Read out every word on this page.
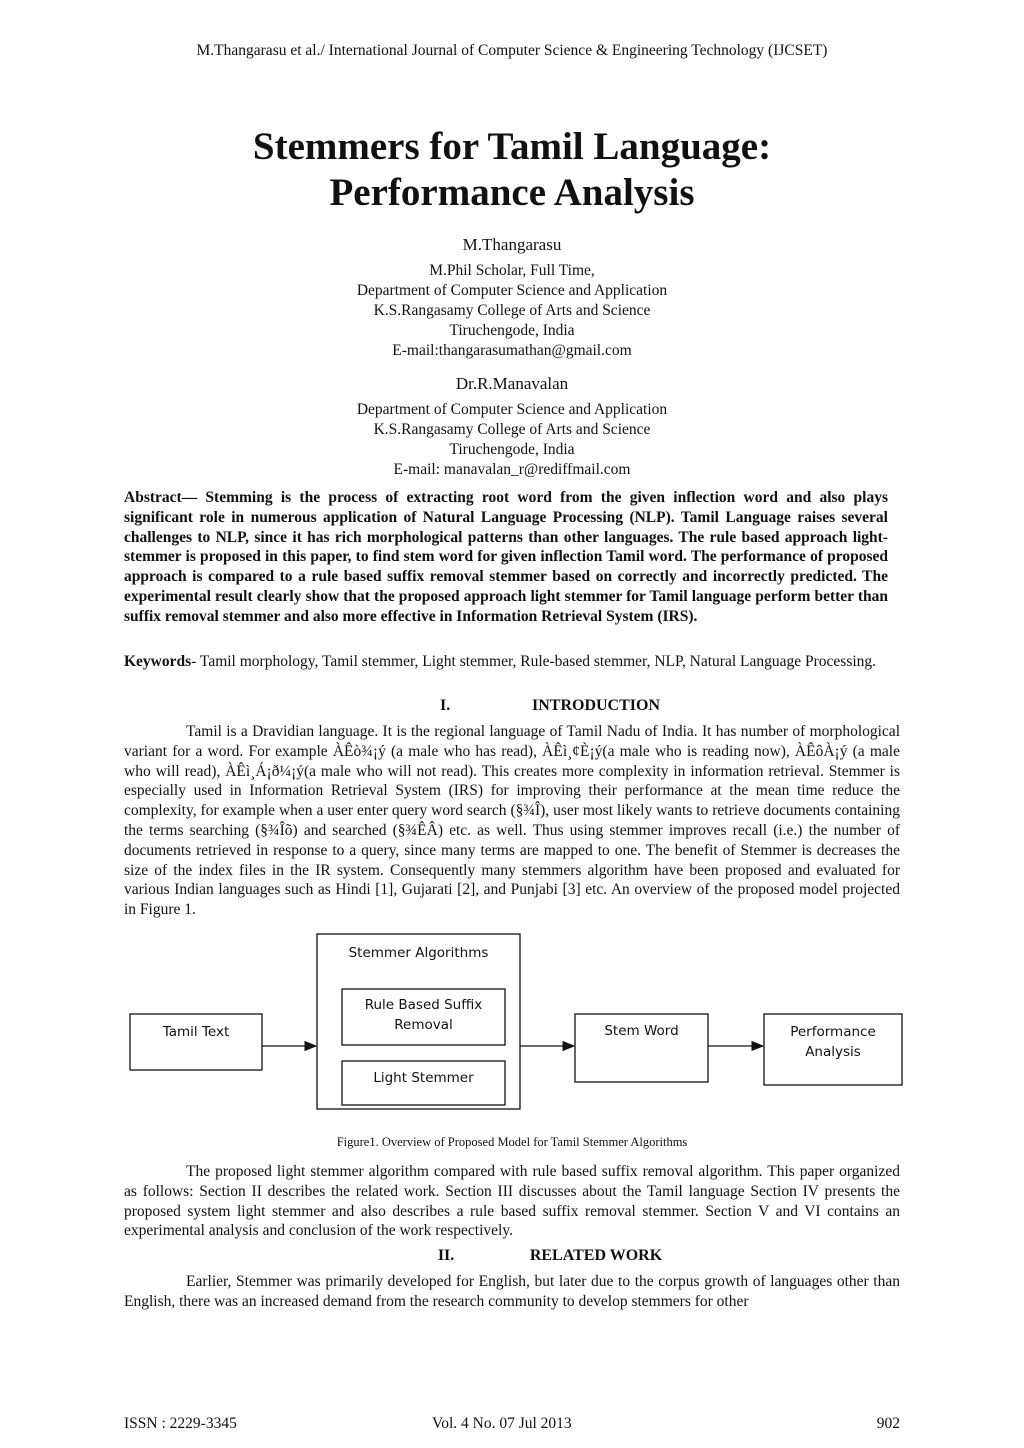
M.Thangarasu et al./ International Journal of Computer Science & Engineering Technology (IJCSET)
Stemmers for Tamil Language:
Performance Analysis
M.Thangarasu
M.Phil Scholar, Full Time,
Department of Computer Science and Application
K.S.Rangasamy College of Arts and Science
Tiruchengode, India
E-mail:thangarasumathan@gmail.com
Dr.R.Manavalan
Department of Computer Science and Application
K.S.Rangasamy College of Arts and Science
Tiruchengode, India
E-mail: manavalan_r@rediffmail.com
Abstract— Stemming is the process of extracting root word from the given inflection word and also plays significant role in numerous application of Natural Language Processing (NLP). Tamil Language raises several challenges to NLP, since it has rich morphological patterns than other languages. The rule based approach light-stemmer is proposed in this paper, to find stem word for given inflection Tamil word. The performance of proposed approach is compared to a rule based suffix removal stemmer based on correctly and incorrectly predicted. The experimental result clearly show that the proposed approach light stemmer for Tamil language perform better than suffix removal stemmer and also more effective in Information Retrieval System (IRS).
Keywords- Tamil morphology, Tamil stemmer, Light stemmer, Rule-based stemmer, NLP, Natural Language Processing.
I.	INTRODUCTION

Tamil is a Dravidian language. It is the regional language of Tamil Nadu of India. It has number of morphological variant for a word. For example ÀÊò¾¡ý (a male who has read), ÀÊì¸¢È¡ý(a male who is reading now), ÀÊôÀ¡ý (a male who will read), ÀÊì¸Á¡ð¼¡ý(a male who will not read). This creates more complexity in information retrieval. Stemmer is especially used in Information Retrieval System (IRS) for improving their performance at the mean time reduce the complexity, for example when a user enter query word search (§¾Î), user most likely wants to retrieve documents containing the terms searching (§¾Îõ) and searched (§¾ÊÂ) etc. as well. Thus using stemmer improves recall (i.e.) the number of documents retrieved in response to a query, since many terms are mapped to one. The benefit of Stemmer is decreases the size of the index files in the IR system. Consequently many stemmers algorithm have been proposed and evaluated for various Indian languages such as Hindi [1], Gujarati [2], and Punjabi [3] etc. An overview of the proposed model projected in Figure 1.

Tamil Text
Stemmer Algorithms
Rule Based Suffix
Removal
Light Stemmer
Stem Word	Performance
Analysis
Figure1. Overview of Proposed Model for Tamil Stemmer Algorithms

The proposed light stemmer algorithm compared with rule based suffix removal algorithm. This paper organized as follows: Section II describes the related work. Section III discusses about the Tamil language Section IV presents the proposed system light stemmer and also describes a rule based suffix removal stemmer. Section V and VI contains an experimental analysis and conclusion of the work respectively.

II.	RELATED WORK

Earlier, Stemmer was primarily developed for English, but later due to the corpus growth of languages other than English, there was an increased demand from the research community to develop stemmers for other

ISSN : 2229-3345	Vol. 4 No. 07 Jul 2013	902
